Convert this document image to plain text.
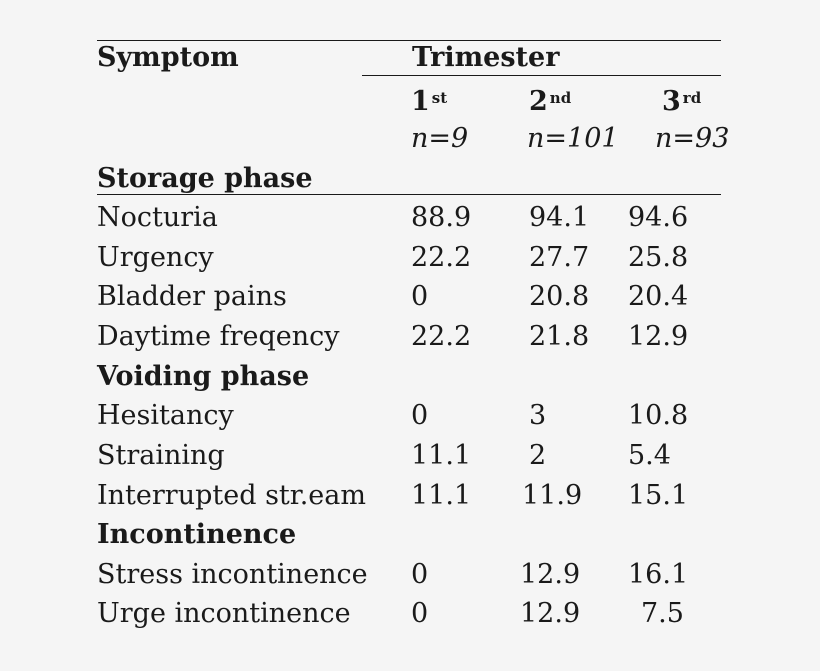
Symptom	Trimester
1 $^{st}$	2 $^{nd}$	3 $^{rd}$
n=9 n=101 n=93
Storage phase
Nocturia	88.9 94.1 94.6
Urgency	22.2 27.7 25.8
Bladder pains	0	20.8 20.4
Daytime freqency	22.2 21.8 12.9
Voiding phase
Hesitancy	0	3	10.8
Straining	11.1 2	5.4
Interrupted str.eam 11.1 11.9 15.1
Incontinence
Stress incontinence 0	12.9 16.1
Urge incontinence 0	12.9 7.5
